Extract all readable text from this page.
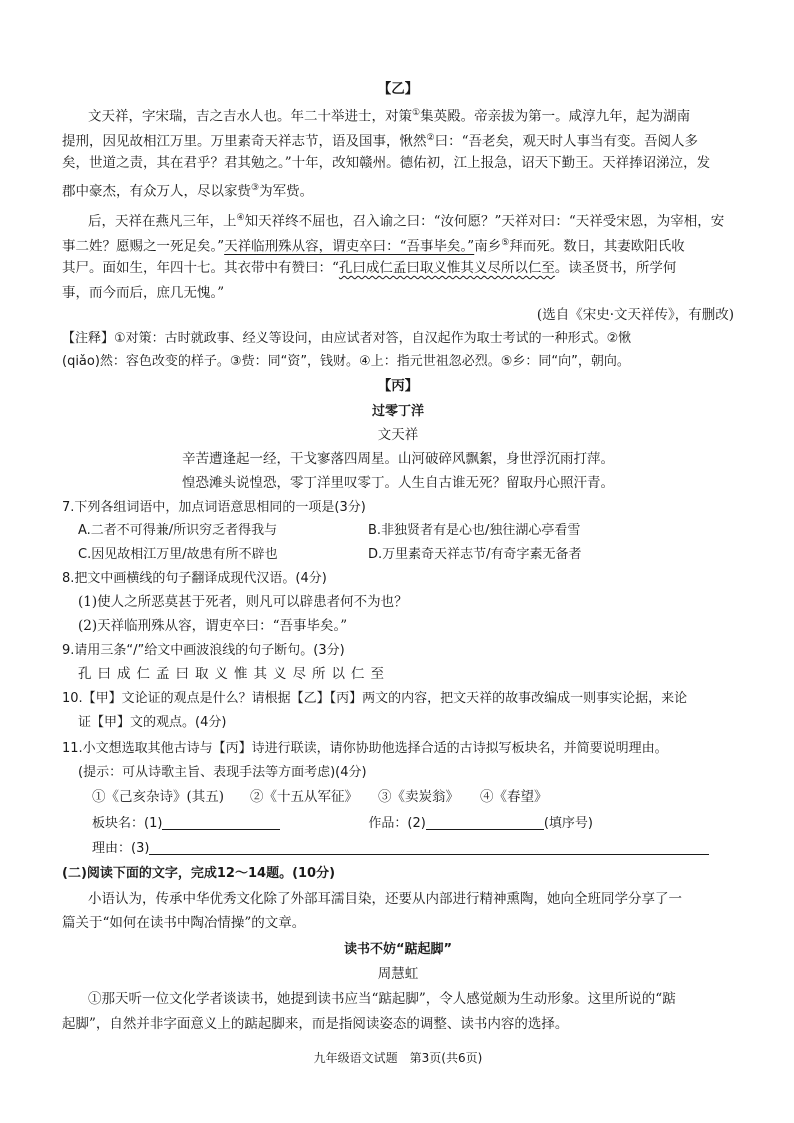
【乙】
文天祥，字宋瑞，吉之吉水人也。年二十举进士，对策①集英殿。帝亲拔为第一。咸淳九年，起为湖南
提刑，因见故相江万里。万里素奇天祥志节，语及国事，愀然②曰：“吾老矣，观天时人事当有变。吾阅人多
矣，世道之责，其在君乎？君其勉之。”十年，改知赣州。德佑初，江上报急，诏天下勤王。天祥捧诏涕泣，发
郡中豪杰，有众万人，尽以家赀③为军赀。
后，天祥在燕凡三年，上④知天祥终不屈也，召入谕之曰：“汝何愿？”天祥对曰：“天祥受宋恩，为宰相，安
事二姓？愿赐之一死足矣。”天祥临刑殊从容，谓吏卒曰：“吾事毕矣。”南乡⑤拜而死。数日，其妻欧阳氏收
其尸。面如生，年四十七。其衣带中有赞曰：“孔曰成仁孟曰取义惟其义尽所以仁至。读圣贤书，所学何
事，而今而后，庶几无愧。”
(选自《宋史·文天祥传》，有删改)
【注释】①对策：古时就政事、经义等设问，由应试者对答，自汉起作为取士考试的一种形式。②愀
(qiǎo)然：容色改变的样子。③赀：同“资”，钱财。④上：指元世祖忽必烈。⑤乡：同“向”，朝向。
【丙】
过零丁洋
文天祥
辛苦遭逢起一经，干戈寥落四周星。山河破碎风飘絮，身世浮沉雨打萍。
惶恐滩头说惶恐，零丁洋里叹零丁。人生自古谁无死？留取丹心照汗青。
7.下列各组词语中，加点词语意思相同的一项是(3分)
A.二者不可得兼/所识穷乏者得我与	B.非独贤者有是心也/独往湖心亭看雪
C.因见故相江万里/故患有所不辟也	D.万里素奇天祥志节/有奇字素无备者
8.把文中画横线的句子翻译成现代汉语。(4分)
(1)使人之所恶莫甚于死者，则凡可以辟患者何不为也？
(2)天祥临刑殊从容，谓吏卒曰：“吾事毕矣。”
9.请用三条“/”给文中画波浪线的句子断句。(3分)
孔曰成仁孟曰取义惟其义尽所以仁至
10.【甲】文论证的观点是什么？请根据【乙】【丙】两文的内容，把文天祥的故事改编成一则事实论据，来论
证【甲】文的观点。(4分)
11.小文想选取其他古诗与【丙】诗进行联读，请你协助他选择合适的古诗拟写板块名，并简要说明理由。
(提示：可从诗歌主旨、表现手法等方面考虑)(4分)
①《己亥杂诗》(其五) ②《十五从军征》 ③《卖炭翁》 ④《春望》
板块名：(1)	作品：(2)	(填序号)
理由：(3)
(二)阅读下面的文字，完成12～14题。(10分)
小语认为，传承中华优秀文化除了外部耳濡目染，还要从内部进行精神熏陶，她向全班同学分享了一
篇关于“如何在读书中陶冶情操”的文章。
读书不妨“踮起脚”
周慧虹
①那天听一位文化学者谈读书，她提到读书应当“踮起脚”，令人感觉颇为生动形象。这里所说的“踮
起脚”，自然并非字面意义上的踮起脚来，而是指阅读姿态的调整、读书内容的选择。
九年级语文试题　第3页(共6页)
